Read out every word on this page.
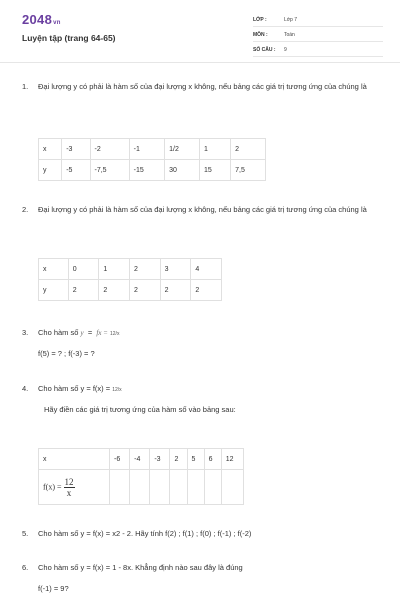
2048vn
Luyện tập (trang 64-65)
LỚP :	Lớp 7
MÔN :	Toán
SỐ CÂU : 9
1. Đại lượng y có phải là hàm số của đại lượng x không, nếu bảng các giá trị tương ứng của chúng là
x	-3	-2	-1	1/2	1	2
y	-5	-7,5	-15	30	15	7,5
2. Đại lượng y có phải là hàm số của đại lượng x không, nếu bảng các giá trị tương ứng của chúng là
x	0	1	2	3	4
y	2	2	2	2	2
3. Cho hàm số y = fx = 12/x
f(5) = ? ; f(-3) = ?
4. Cho hàm số y = f(x) = 12/x
Hãy điền các giá trị tương ứng của hàm số vào bảng sau:
x	-6	-4	-3	2	5	6	12
$f(x) = \frac{12}{x}$

5. Cho hàm số y = f(x) = x2 - 2. Hãy tính f(2) ; f(1) ; f(0) ; f(-1) ; f(-2)
6. Cho hàm số y = f(x) = 1 - 8x. Khẳng định nào sau đây là đúng
f(-1) = 9?
